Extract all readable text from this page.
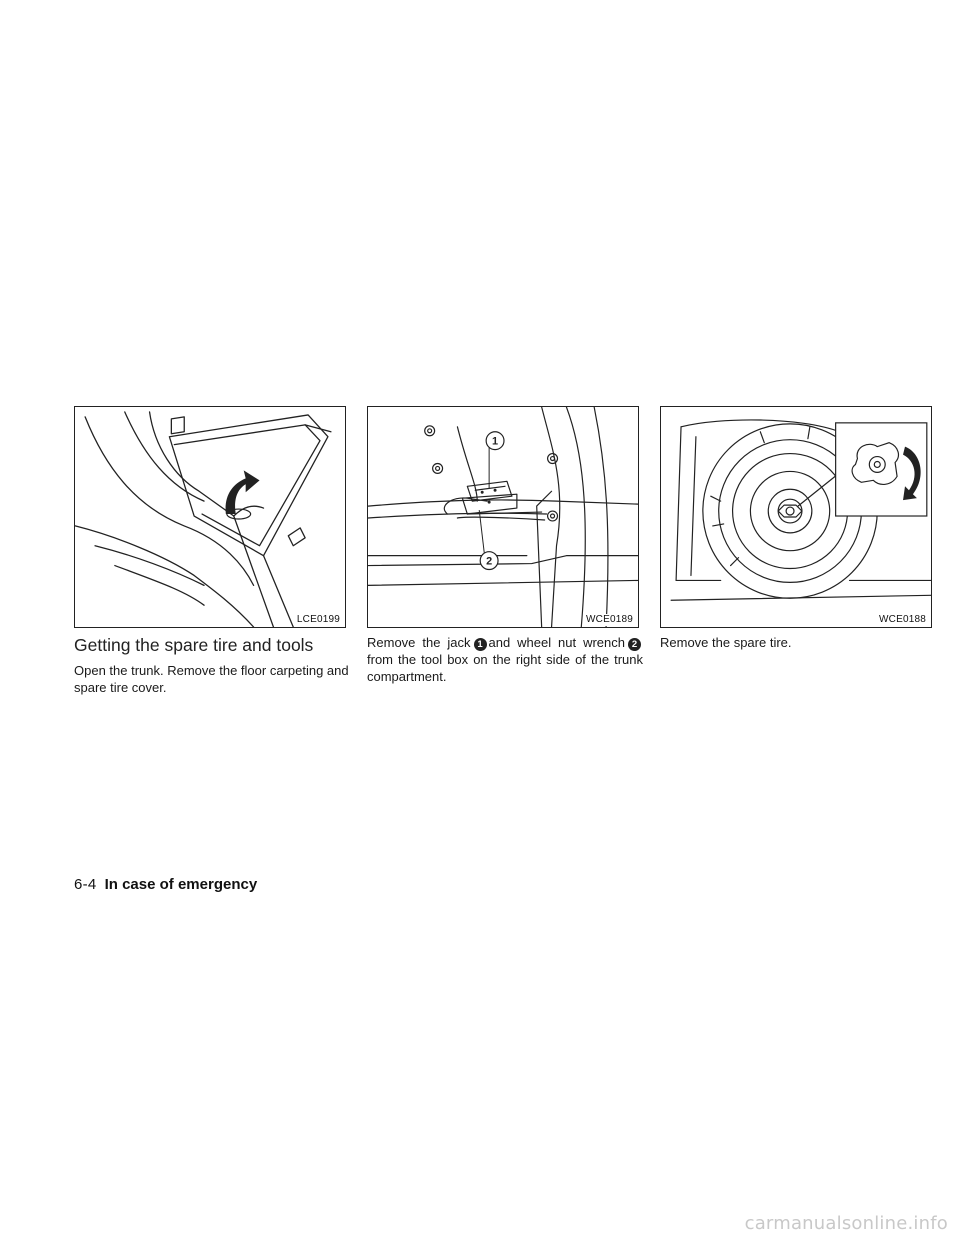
LCE0199
1
2
WCE0189	WCE0188
Getting the spare tire and tools

Open the trunk. Remove the floor carpeting and spare tire cover.

Remove the jack 1 and wheel nut wrench 2from the tool box on the right side of the trunk compartment.

Remove the spare tire.

6-4 In case of emergency
carmanualsonline.info
